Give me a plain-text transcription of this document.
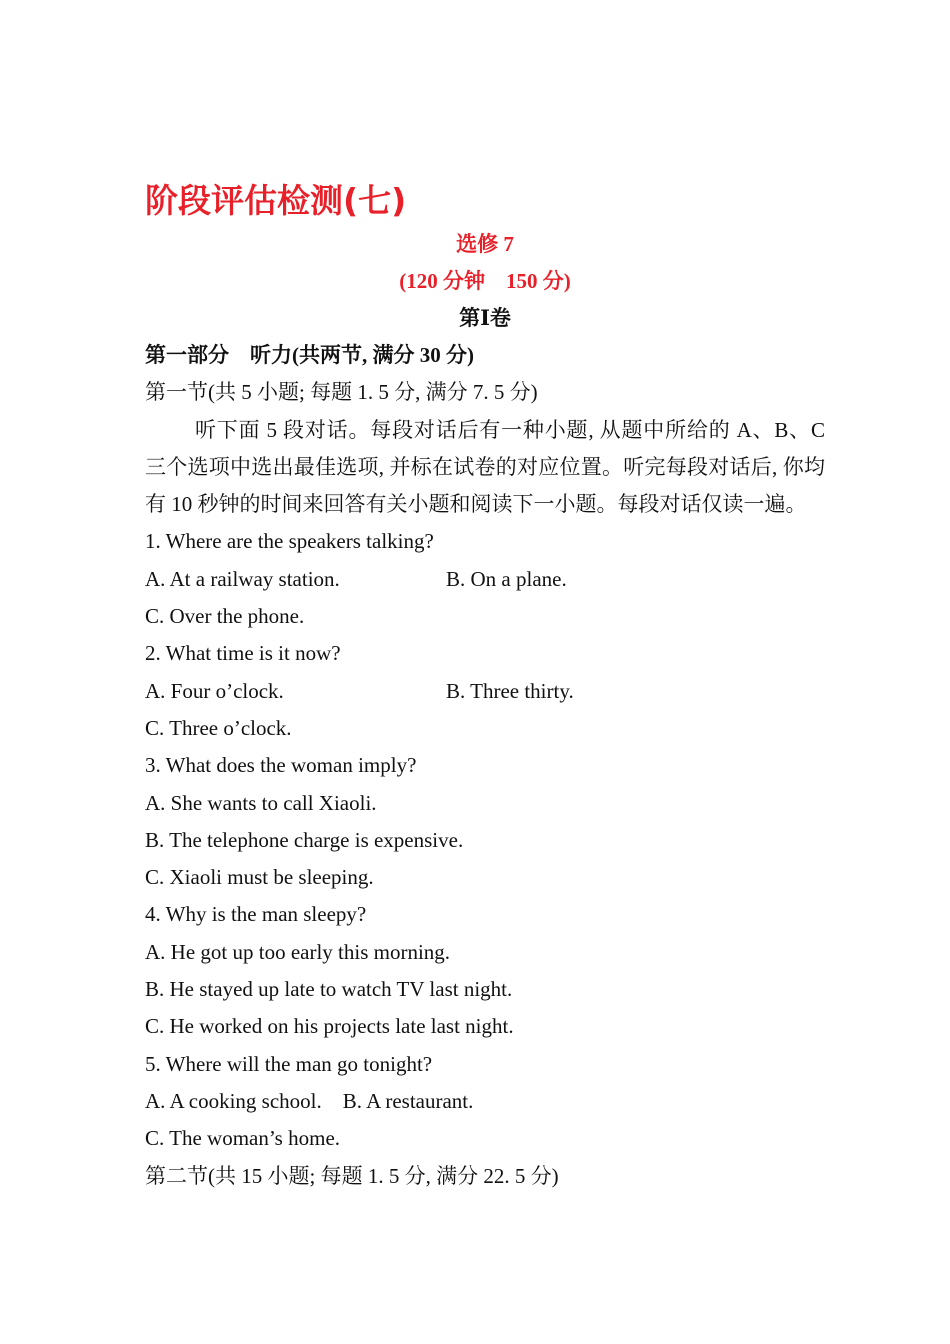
阶段评估检测(七)
选修 7
(120 分钟　150 分)
第Ⅰ卷
第一部分　听力(共两节, 满分 30 分)
第一节(共 5 小题; 每题 1. 5 分, 满分 7. 5 分)

听下面 5 段对话。每段对话后有一种小题, 从题中所给的 A、B、C 三个选项中选出最佳选项, 并标在试卷的对应位置。听完每段对话后, 你均有 10 秒钟的时间来回答有关小题和阅读下一小题。每段对话仅读一遍。

1. Where are the speakers talking?
A. At a railway station.	B. On a plane.
C. Over the phone.
2. What time is it now?
A. Four o’clock.	B. Three thirty.
C. Three o’clock.
3. What does the woman imply?
A. She wants to call Xiaoli.
B. The telephone charge is expensive.
C. Xiaoli must be sleeping.
4. Why is the man sleepy?
A. He got up too early this morning.
B. He stayed up late to watch TV last night.
C. He worked on his projects late last night.
5. Where will the man go tonight?
A. A cooking school.　B. A restaurant.
C. The woman’s home.
第二节(共 15 小题; 每题 1. 5 分, 满分 22. 5 分)
